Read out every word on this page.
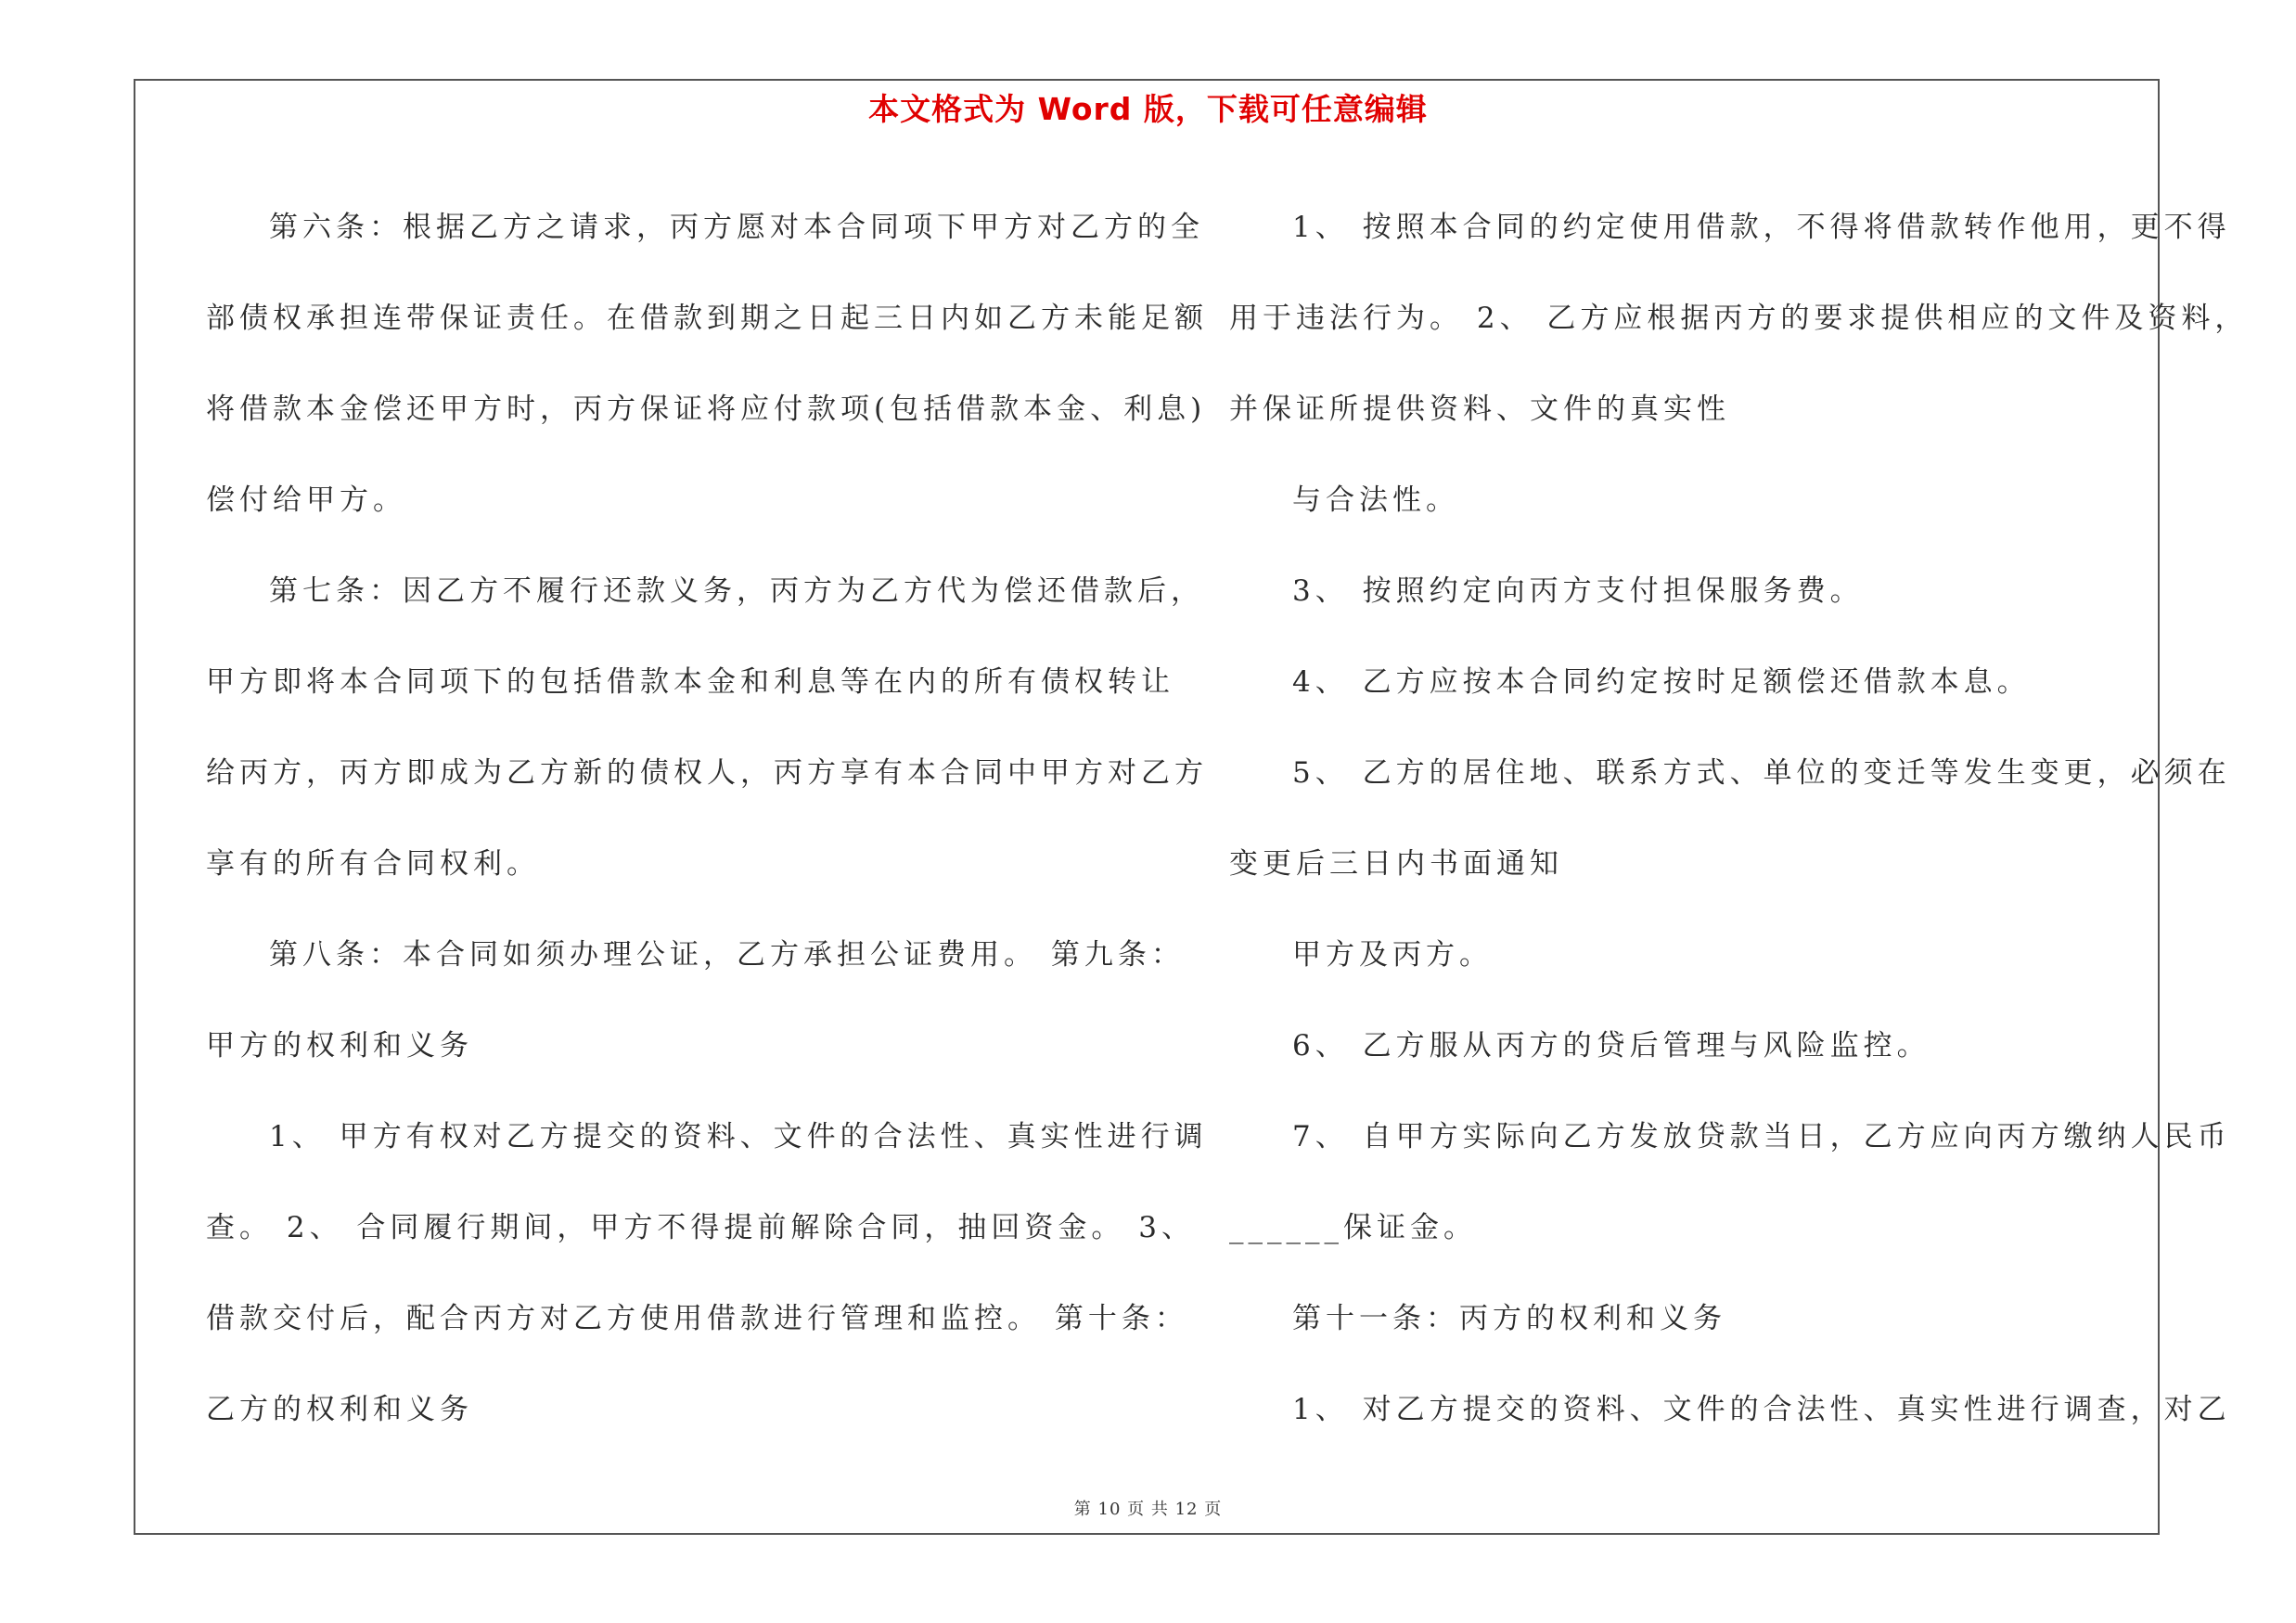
本文格式为 Word 版，下载可任意编辑
第六条：根据乙方之请求，丙方愿对本合同项下甲方对乙方的全
部债权承担连带保证责任。在借款到期之日起三日内如乙方未能足额
将借款本金偿还甲方时，丙方保证将应付款项(包括借款本金、利息)
偿付给甲方。
第七条：因乙方不履行还款义务，丙方为乙方代为偿还借款后，
甲方即将本合同项下的包括借款本金和利息等在内的所有债权转让
给丙方，丙方即成为乙方新的债权人，丙方享有本合同中甲方对乙方
享有的所有合同权利。
第八条：本合同如须办理公证，乙方承担公证费用。 第九条：
甲方的权利和义务
1、 甲方有权对乙方提交的资料、文件的合法性、真实性进行调
查。 2、 合同履行期间，甲方不得提前解除合同，抽回资金。 3、
借款交付后，配合丙方对乙方使用借款进行管理和监控。 第十条：
乙方的权利和义务
1、 按照本合同的约定使用借款，不得将借款转作他用，更不得
用于违法行为。 2、 乙方应根据丙方的要求提供相应的文件及资料，
并保证所提供资料、文件的真实性
与合法性。
3、 按照约定向丙方支付担保服务费。
4、 乙方应按本合同约定按时足额偿还借款本息。
5、 乙方的居住地、联系方式、单位的变迁等发生变更，必须在
变更后三日内书面通知
甲方及丙方。
6、 乙方服从丙方的贷后管理与风险监控。
7、 自甲方实际向乙方发放贷款当日，乙方应向丙方缴纳人民币
______保证金。
第十一条：丙方的权利和义务
1、 对乙方提交的资料、文件的合法性、真实性进行调查，对乙
第 10 页 共 12 页
